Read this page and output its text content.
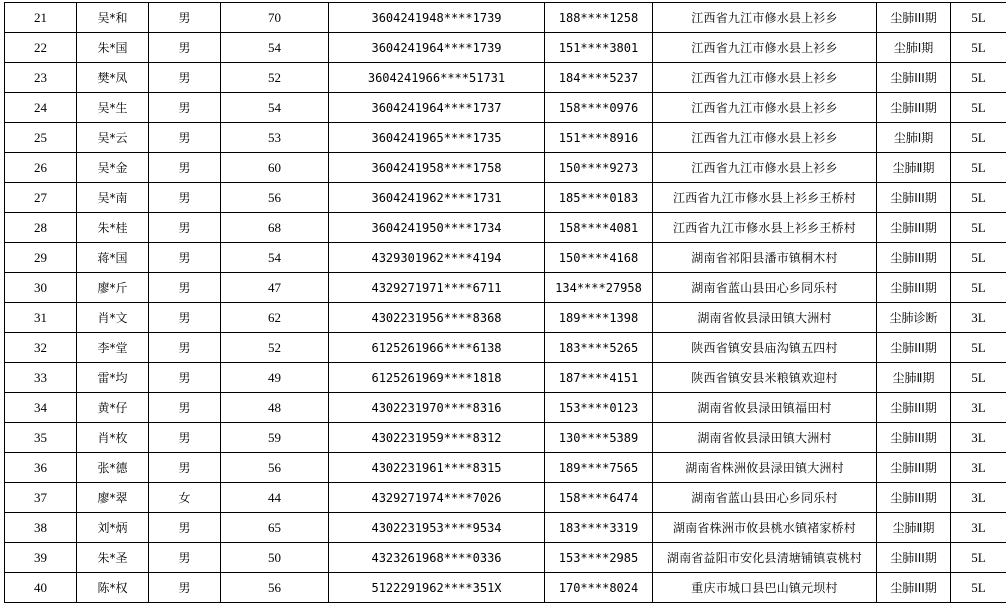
21	吴*和	男	70	3604241948****1739	188****1258	江西省九江市修水县上衫乡	尘肺III期	5L
22	朱*国	男	54	3604241964****1739	151****3801	江西省九江市修水县上衫乡	尘肺Ⅰ期	5L
23	樊*凤	男	52	3604241966****51731	184****5237	江西省九江市修水县上衫乡	尘肺III期	5L
24	吴*生	男	54	3604241964****1737	158****0976	江西省九江市修水县上衫乡	尘肺III期	5L
25	吴*云	男	53	3604241965****1735	151****8916	江西省九江市修水县上衫乡	尘肺Ⅰ期	5L
26	吴*金	男	60	3604241958****1758	150****9273	江西省九江市修水县上衫乡	尘肺Ⅱ期	5L
27	吴*南	男	56	3604241962****1731	185****0183	江西省九江市修水县上衫乡王桥村	尘肺III期	5L
28	朱*桂	男	68	3604241950****1734	158****4081	江西省九江市修水县上衫乡王桥村	尘肺III期	5L
29	蒋*国	男	54	4329301962****4194	150****4168	湖南省祁阳县潘市镇桐木村	尘肺III期	5L
30	廖*斤	男	47	4329271971****6711	134****27958	湖南省蓝山县田心乡同乐村	尘肺III期	5L
31	肖*文	男	62	4302231956****8368	189****1398	湖南省攸县渌田镇大洲村	尘肺诊断	3L
32	李*堂	男	52	6125261966****6138	183****5265	陕西省镇安县庙沟镇五四村	尘肺III期	5L
33	雷*均	男	49	6125261969****1818	187****4151	陕西省镇安县米粮镇欢迎村	尘肺Ⅱ期	5L
34	黄*仔	男	48	4302231970****8316	153****0123	湖南省攸县渌田镇福田村	尘肺III期	3L
35	肖*枚	男	59	4302231959****8312	130****5389	湖南省攸县渌田镇大洲村	尘肺III期	3L
36	张*德	男	56	4302231961****8315	189****7565	湖南省株洲攸县渌田镇大洲村	尘肺III期	3L
37	廖*翠	女	44	4329271974****7026	158****6474	湖南省蓝山县田心乡同乐村	尘肺III期	3L
38	刘*炳	男	65	4302231953****9534	183****3319	湖南省株洲市攸县桃水镇褚家桥村	尘肺Ⅱ期	3L
39	朱*圣	男	50	4323261968****0336	153****2985	湖南省益阳市安化县清塘铺镇袁桃村	尘肺III期	5L
40	陈*权	男	56	5122291962****351X	170****8024	重庆市城口县巴山镇元坝村	尘肺III期	5L
